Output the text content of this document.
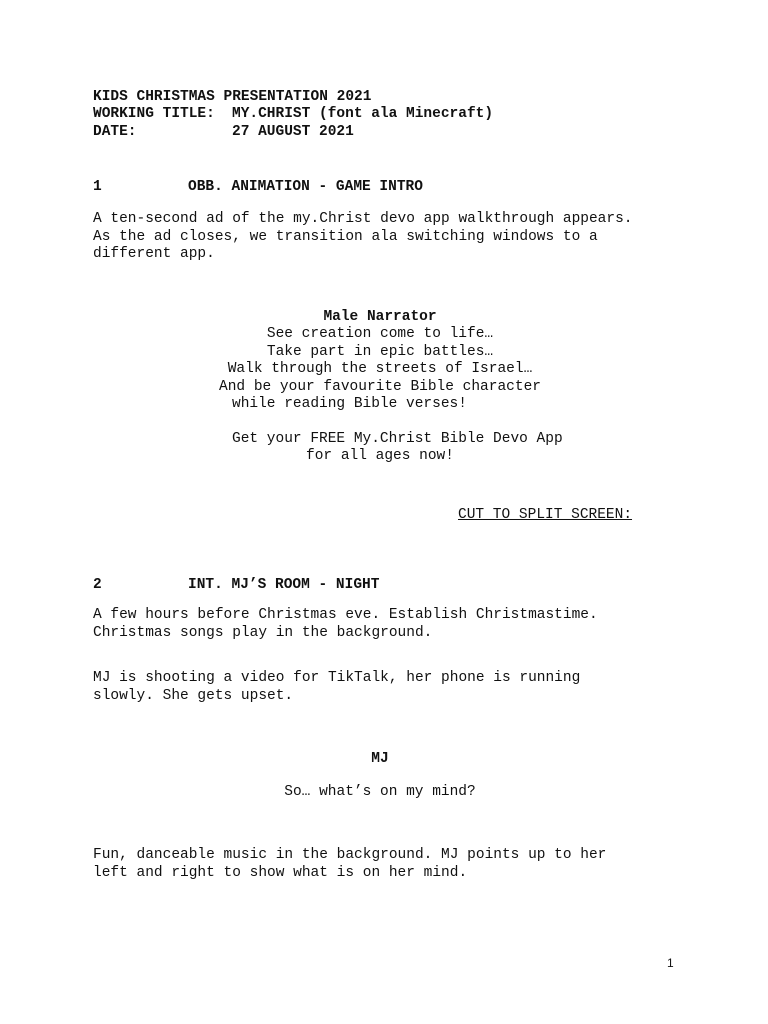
KIDS CHRISTMAS PRESENTATION 2021
WORKING TITLE: MY.CHRIST (font ala Minecraft)
DATE:	27 AUGUST 2021
1	OBB. ANIMATION - GAME INTRO
A ten-second ad of the my.Christ devo app walkthrough appears.
As the ad closes, we transition ala switching windows to a
different app.
Male Narrator
See creation come to life…
Take part in epic battles…
Walk through the streets of Israel…
And be your favourite Bible character
while reading Bible verses!
Get your FREE My.Christ Bible Devo App
for all ages now!
CUT TO SPLIT SCREEN:
2	INT. MJ’S ROOM - NIGHT
A few hours before Christmas eve. Establish Christmastime.
Christmas songs play in the background.
MJ is shooting a video for TikTalk, her phone is running
slowly. She gets upset.
MJ
So… what’s on my mind?
Fun, danceable music in the background. MJ points up to her
left and right to show what is on her mind.
1
